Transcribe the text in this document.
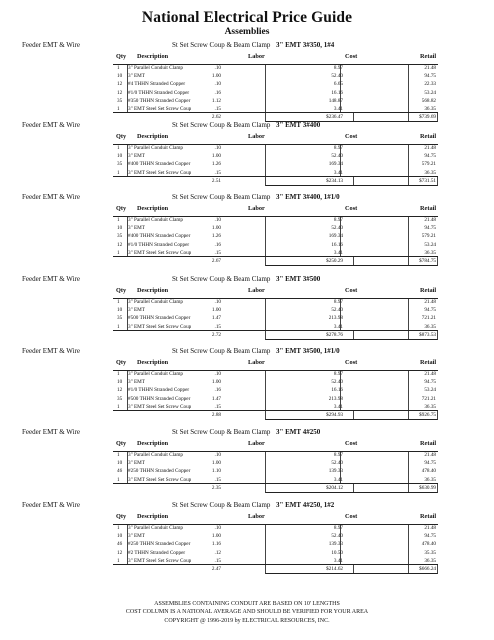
National Electrical Price Guide
Assemblies
Feeder EMT & Wire	St Set Screw Coup & Beam Clamp 3" EMT 3#350, 1#4
Qty Description	Labor	Cost	Retail
1 3" Parallel Conduit Clamp	.10	8.97	21.48
10 3" EMT	1.00	52.40	94.75
12 #4 THHN Stranded Copper	.10	6.65	22.33
12 #1/0 THHN Stranded Copper	.16	16.16	53.24
35 #350 THHN Stranded Copper	1.12	148.87	568.82
1 3" EMT Steel Set Screw Coup	.15	3.41	36.35
2.62	$236.47	$739.69
Feeder EMT & Wire	St Set Screw Coup & Beam Clamp 3" EMT 3#400
Qty Description	Labor	Cost	Retail
1 3" Parallel Conduit Clamp	.10	8.97	21.48
10 3" EMT	1.00	52.40	94.75
35 #400 THHN Stranded Copper	1.26	169.34	579.21
1 3" EMT Steel Set Screw Coup	.15	3.41	36.35
2.51	$234.13	$731.51
Feeder EMT & Wire	St Set Screw Coup & Beam Clamp 3" EMT 3#400, 1#1/0
Qty Description	Labor	Cost	Retail
1 3" Parallel Conduit Clamp	.10	8.97	21.48
10 3" EMT	1.00	52.40	94.75
35 #400 THHN Stranded Copper	1.26	169.34	579.21
12 #1/0 THHN Stranded Copper	.16	16.16	53.24
1 3" EMT Steel Set Screw Coup	.15	3.41	36.35
2.67	$250.29	$784.75
Feeder EMT & Wire	St Set Screw Coup & Beam Clamp 3" EMT 3#500
Qty Description	Labor	Cost	Retail
1 3" Parallel Conduit Clamp	.10	8.97	21.48
10 3" EMT	1.00	52.40	94.75
35 #500 THHN Stranded Copper	1.47	213.98	721.21
1 3" EMT Steel Set Screw Coup	.15	3.41	36.35
2.72	$278.76	$873.53
Feeder EMT & Wire	St Set Screw Coup & Beam Clamp 3" EMT 3#500, 1#1/0
Qty Description	Labor	Cost	Retail
1 3" Parallel Conduit Clamp	.10	8.97	21.48
10 3" EMT	1.00	52.40	94.75
12 #1/0 THHN Stranded Copper	.16	16.16	53.24
35 #500 THHN Stranded Copper	1.47	213.98	721.21
1 3" EMT Steel Set Screw Coup	.15	3.41	36.35
2.88	$294.93	$926.75
Feeder EMT & Wire	St Set Screw Coup & Beam Clamp 3" EMT 4#250
Qty Description	Labor	Cost	Retail
1 3" Parallel Conduit Clamp	.10	8.97	21.48
10 3" EMT	1.00	52.40	94.75
46 #250 THHN Stranded Copper	1.10	139.33	478.40
1 3" EMT Steel Set Screw Coup	.15	3.41	36.35
2.35	$204.12	$630.99
Feeder EMT & Wire	St Set Screw Coup & Beam Clamp 3" EMT 4#250, 1#2
Qty Description	Labor	Cost	Retail
1 3" Parallel Conduit Clamp	.10	8.97	21.48
10 3" EMT	1.00	52.40	94.75
46 #250 THHN Stranded Copper	1.16	139.33	478.40
12 #2 THHN Stranded Copper	.12	10.50	35.35
1 3" EMT Steel Set Screw Coup	.15	3.41	36.35
2.47	$214.62	$666.24
ASSEMBLIES CONTAINING CONDUIT ARE BASED ON 10' LENGTHS
COST COLUMN IS A NATIONAL AVERAGE AND SHOULD BE VERIFIED FOR YOUR AREA
COPYRIGHT @ 1996-2019 by ELECTRICAL RESOURCES, INC.
